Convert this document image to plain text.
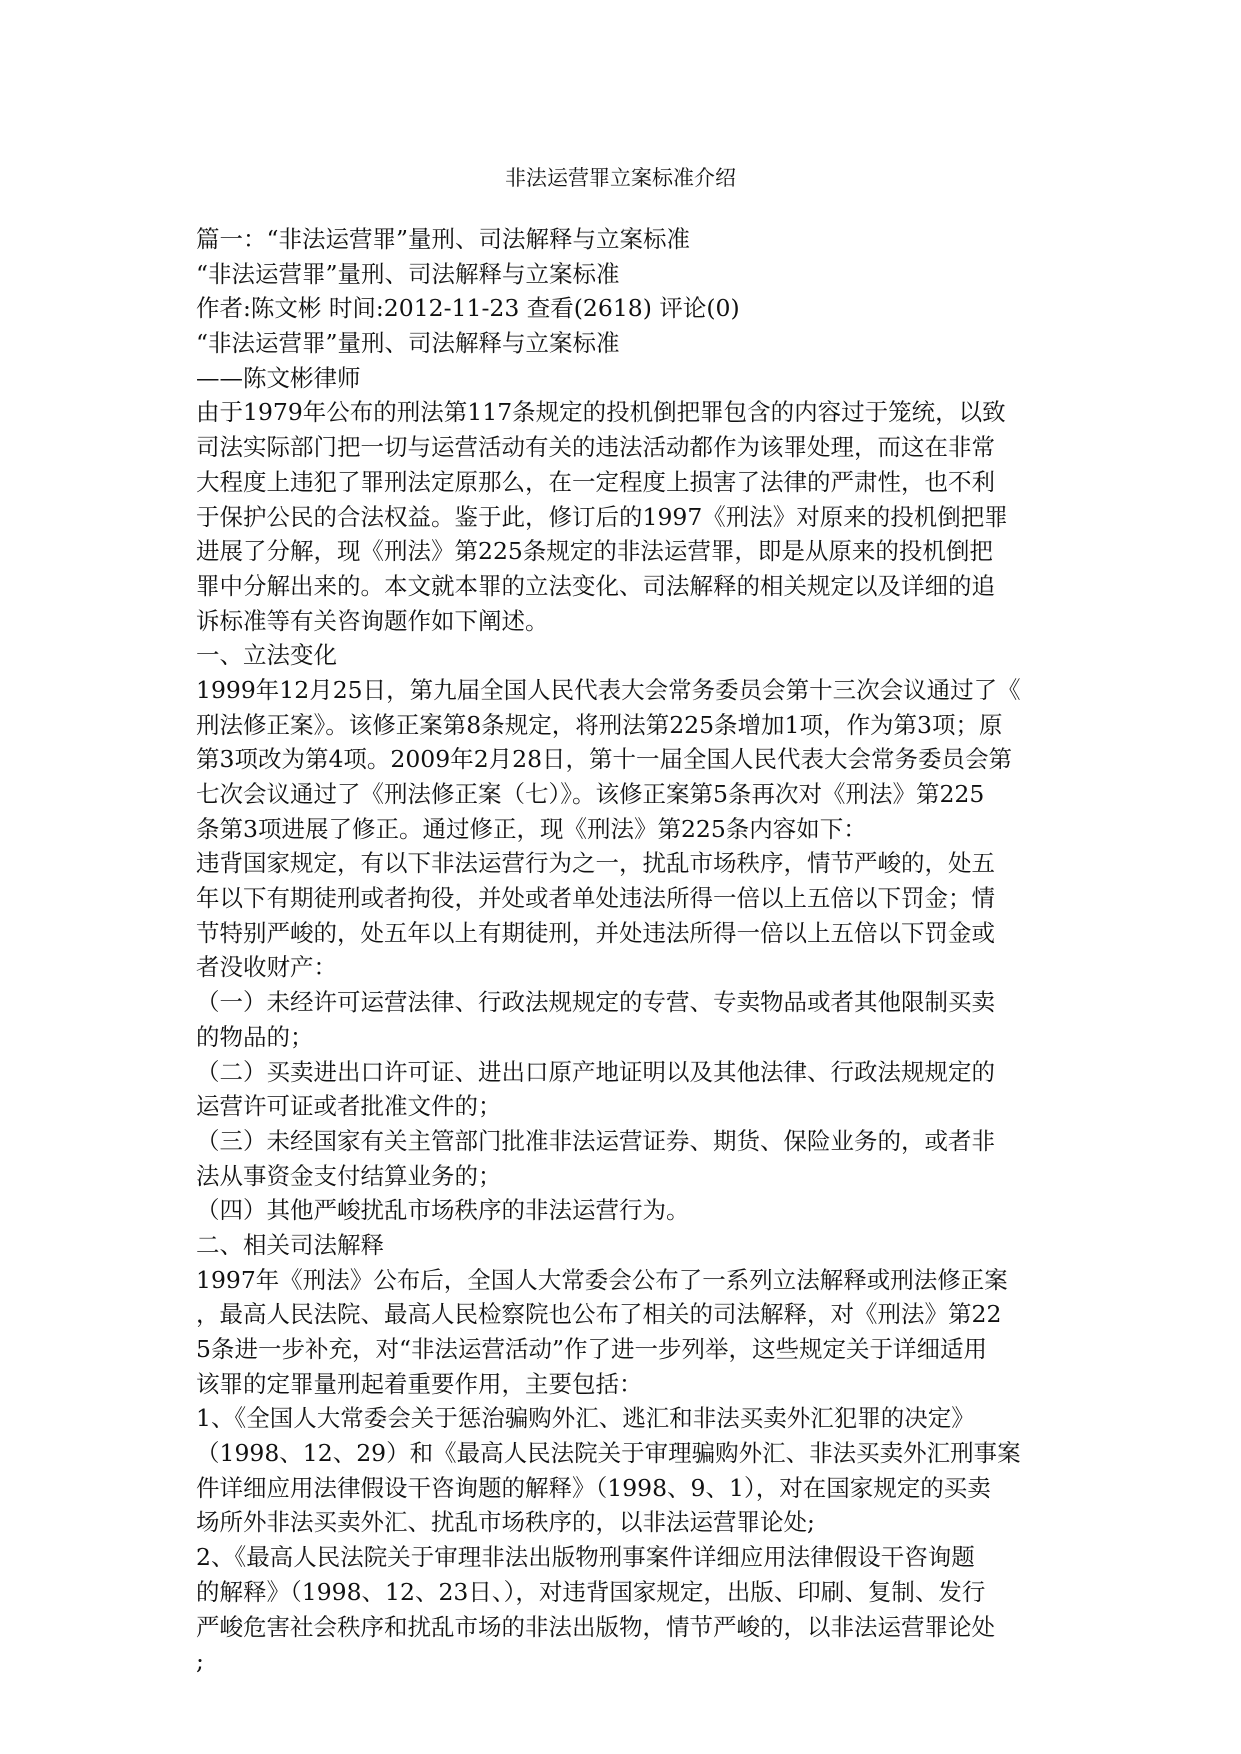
非法运营罪立案标准介绍
篇一：“非法运营罪”量刑、司法解释与立案标准
“非法运营罪”量刑、司法解释与立案标准
作者:陈文彬 时间:2012-11-23 查看(2618) 评论(0)
“非法运营罪”量刑、司法解释与立案标准
——陈文彬律师
由于1979年公布的刑法第117条规定的投机倒把罪包含的内容过于笼统，以致
司法实际部门把一切与运营活动有关的违法活动都作为该罪处理，而这在非常
大程度上违犯了罪刑法定原那么，在一定程度上损害了法律的严肃性，也不利
于保护公民的合法权益。鉴于此，修订后的1997《刑法》对原来的投机倒把罪
进展了分解，现《刑法》第225条规定的非法运营罪，即是从原来的投机倒把
罪中分解出来的。本文就本罪的立法变化、司法解释的相关规定以及详细的追
诉标准等有关咨询题作如下阐述。
一、立法变化
1999年12月25日，第九届全国人民代表大会常务委员会第十三次会议通过了《
刑法修正案》。该修正案第8条规定，将刑法第225条增加1项，作为第3项；原
第3项改为第4项。2009年2月28日，第十一届全国人民代表大会常务委员会第
七次会议通过了《刑法修正案（七）》。该修正案第5条再次对《刑法》第225
条第3项进展了修正。通过修正，现《刑法》第225条内容如下：
违背国家规定，有以下非法运营行为之一，扰乱市场秩序，情节严峻的，处五
年以下有期徒刑或者拘役，并处或者单处违法所得一倍以上五倍以下罚金；情
节特别严峻的，处五年以上有期徒刑，并处违法所得一倍以上五倍以下罚金或
者没收财产：
（一）未经许可运营法律、行政法规规定的专营、专卖物品或者其他限制买卖
的物品的；
（二）买卖进出口许可证、进出口原产地证明以及其他法律、行政法规规定的
运营许可证或者批准文件的；
（三）未经国家有关主管部门批准非法运营证券、期货、保险业务的，或者非
法从事资金支付结算业务的；
（四）其他严峻扰乱市场秩序的非法运营行为。
二、相关司法解释
1997年《刑法》公布后，全国人大常委会公布了一系列立法解释或刑法修正案
，最高人民法院、最高人民检察院也公布了相关的司法解释，对《刑法》第22
5条进一步补充，对“非法运营活动”作了进一步列举，这些规定关于详细适用
该罪的定罪量刑起着重要作用，主要包括：
1、《全国人大常委会关于惩治骗购外汇、逃汇和非法买卖外汇犯罪的决定》
（1998、12、29）和《最高人民法院关于审理骗购外汇、非法买卖外汇刑事案
件详细应用法律假设干咨询题的解释》（1998、9、1），对在国家规定的买卖
场所外非法买卖外汇、扰乱市场秩序的，以非法运营罪论处;
2、《最高人民法院关于审理非法出版物刑事案件详细应用法律假设干咨询题
的解释》（1998、12、23日、），对违背国家规定，出版、印刷、复制、发行
严峻危害社会秩序和扰乱市场的非法出版物，情节严峻的，以非法运营罪论处
;
